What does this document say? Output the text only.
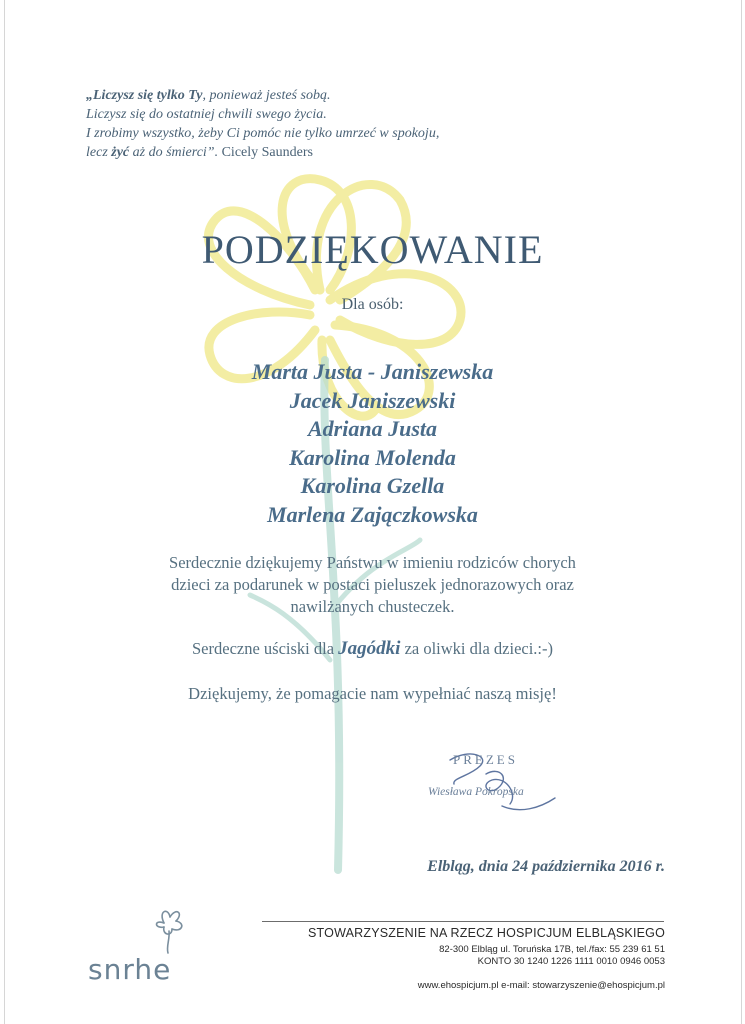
„Liczysz się tylko Ty, ponieważ jesteś sobą.
Liczysz się do ostatniej chwili swego życia.
I zrobimy wszystko, żeby Ci pomóc nie tylko umrzeć w spokoju,
lecz żyć aż do śmierci”. Cicely Saunders
PODZIĘKOWANIE
Dla osób:
Marta Justa - Janiszewska
Jacek Janiszewski
Adriana Justa
Karolina Molenda
Karolina Gzella
Marlena Zajączkowska
Serdecznie dziękujemy Państwu w imieniu rodziców chorych
dzieci za podarunek w postaci pieluszek jednorazowych oraz
nawilżanych chusteczek.
Serdeczne uściski dla Jagódki za oliwki dla dzieci.:-)
Dziękujemy, że pomagacie nam wypełniać naszą misję!
PREZES
Wiesława Pokropska
Elbląg, dnia 24 października 2016 r.
snrhe
STOWARZYSZENIE NA RZECZ HOSPICJUM ELBLĄSKIEGO
82-300 Elbląg ul. Toruńska 17B, tel./fax: 55 239 61 51
KONTO 30 1240 1226 1111 0010 0946 0053
www.ehospicjum.pl e-mail: stowarzyszenie@ehospicjum.pl
